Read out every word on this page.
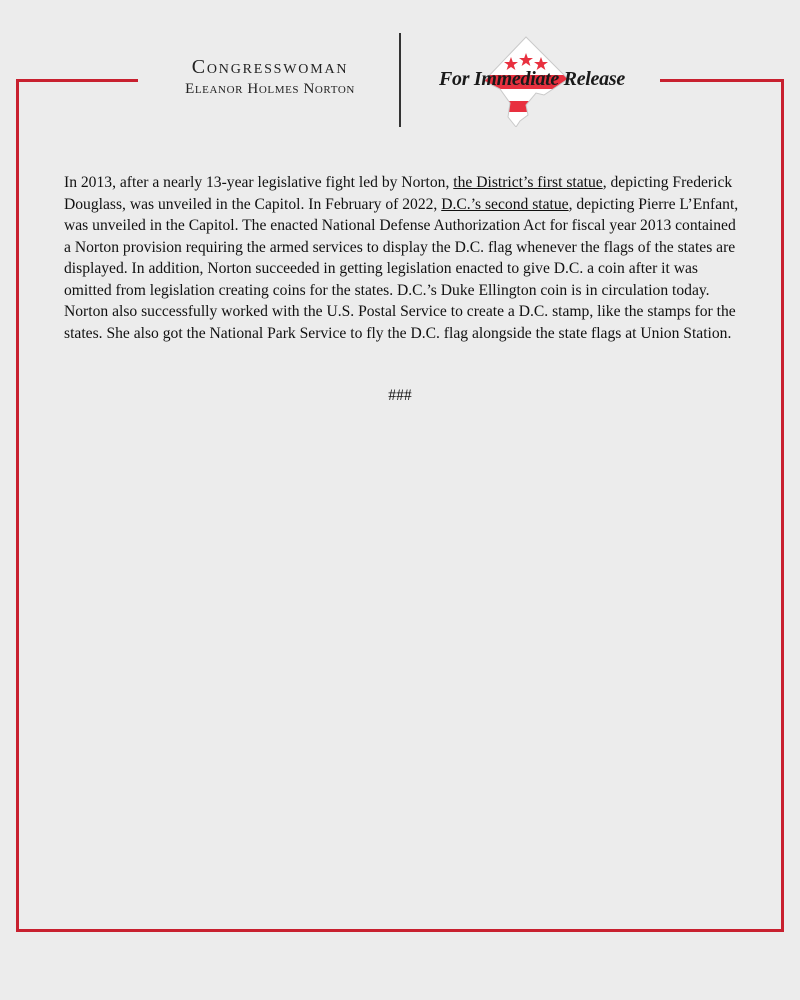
Congresswoman
Eleanor Holmes Norton	For Immediate Release
In 2013, after a nearly 13-year legislative fight led by Norton, the District’s first statue, depicting Frederick Douglass, was unveiled in the Capitol. In February of 2022, D.C.’s second statue, depicting Pierre L’Enfant, was unveiled in the Capitol. The enacted National Defense Authorization Act for fiscal year 2013 contained a Norton provision requiring the armed services to display the D.C. flag whenever the flags of the states are displayed. In addition, Norton succeeded in getting legislation enacted to give D.C. a coin after it was omitted from legislation creating coins for the states. D.C.’s Duke Ellington coin is in circulation today. Norton also successfully worked with the U.S. Postal Service to create a D.C. stamp, like the stamps for the states. She also got the National Park Service to fly the D.C. flag alongside the state flags at Union Station.
###
